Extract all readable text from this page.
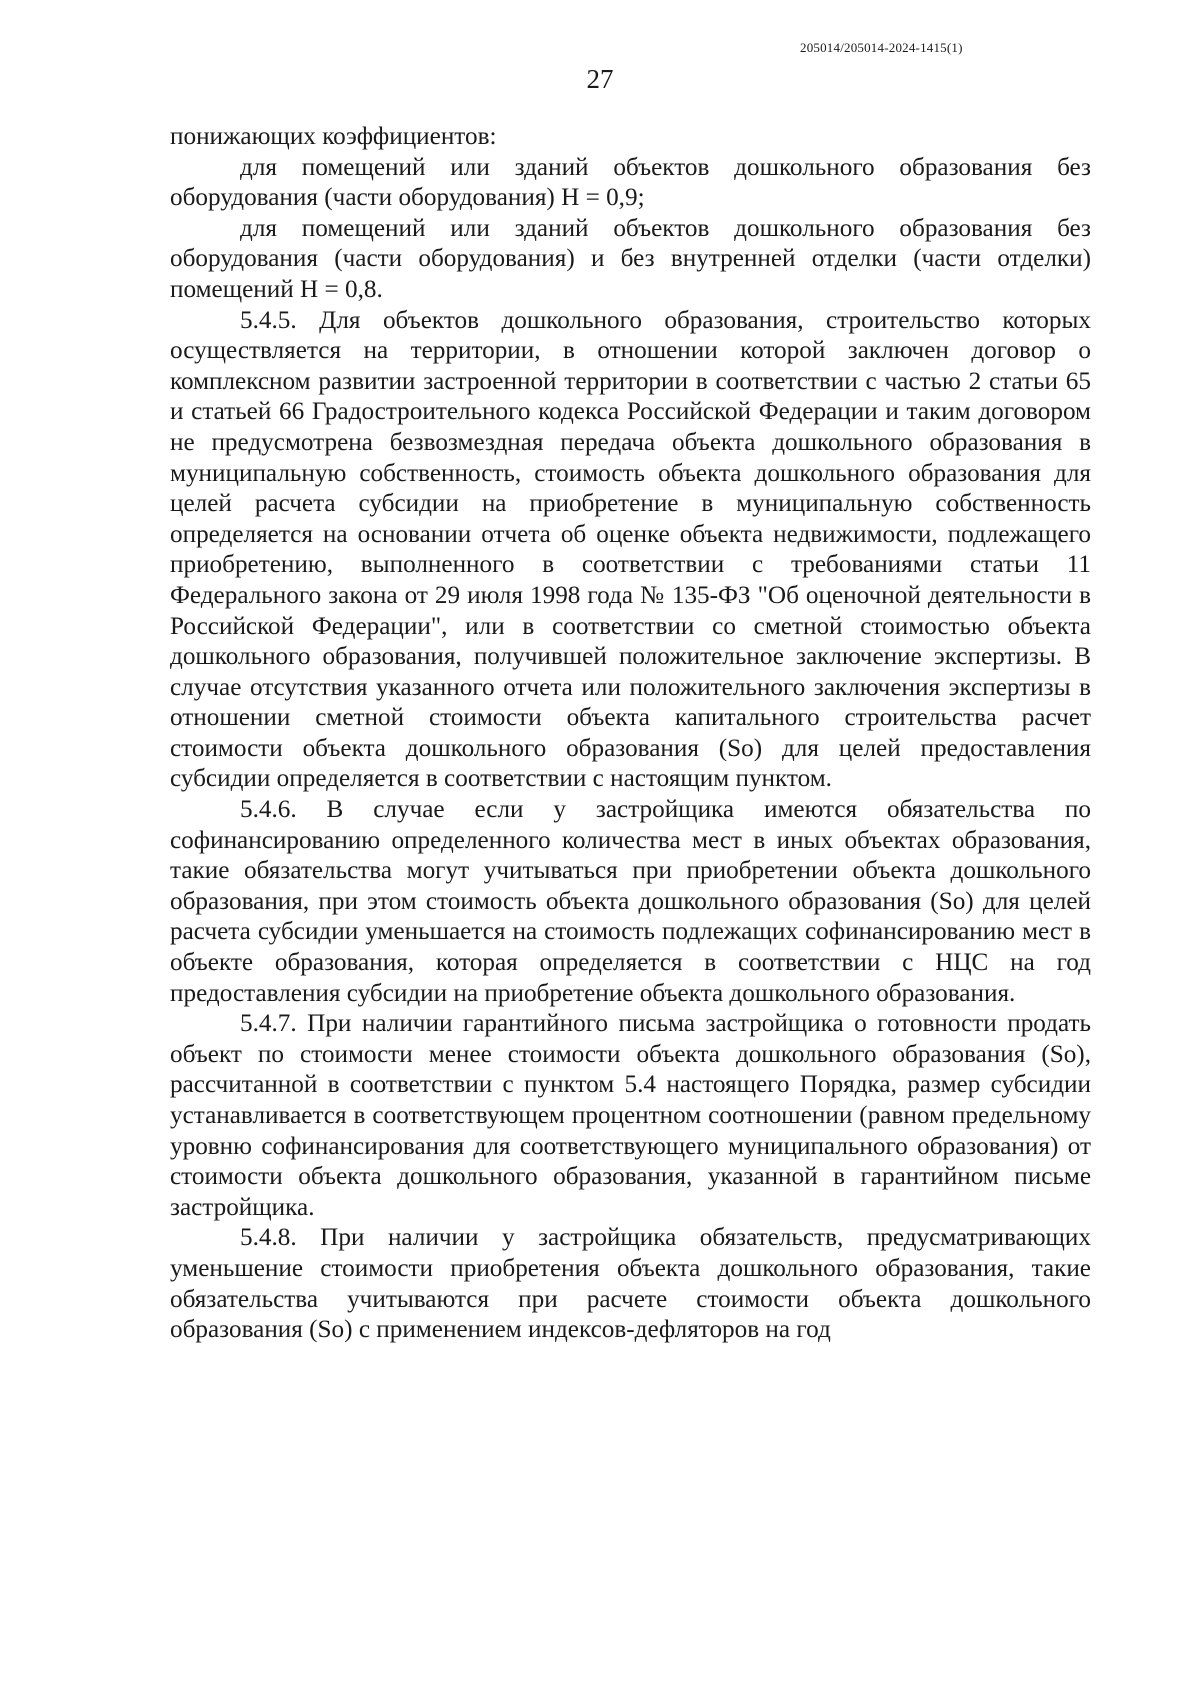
205014/205014-2024-1415(1)
27

понижающих коэффициентов:

для помещений или зданий объектов дошкольного образования без оборудования (части оборудования) Н = 0,9;

для помещений или зданий объектов дошкольного образования без оборудования (части оборудования) и без внутренней отделки (части отделки) помещений Н = 0,8.

5.4.5. Для объектов дошкольного образования, строительство которых осуществляется на территории, в отношении которой заключен договор о комплексном развитии застроенной территории в соответствии с частью 2 статьи 65 и статьей 66 Градостроительного кодекса Российской Федерации и таким договором не предусмотрена безвозмездная передача объекта дошкольного образования в муниципальную собственность, стоимость объекта дошкольного образования для целей расчета субсидии на приобретение в муниципальную собственность определяется на основании отчета об оценке объекта недвижимости, подлежащего приобретению, выполненного в соответствии с требованиями статьи 11 Федерального закона от 29 июля 1998 года № 135-ФЗ "Об оценочной деятельности в Российской Федерации", или в соответствии со сметной стоимостью объекта дошкольного образования, получившей положительное заключение экспертизы. В случае отсутствия указанного отчета или положительного заключения экспертизы в отношении сметной стоимости объекта капитального строительства расчет стоимости объекта дошкольного образования (So) для целей предоставления субсидии определяется в соответствии с настоящим пунктом.

5.4.6. В случае если у застройщика имеются обязательства по софинансированию определенного количества мест в иных объектах образования, такие обязательства могут учитываться при приобретении объекта дошкольного образования, при этом стоимость объекта дошкольного образования (So) для целей расчета субсидии уменьшается на стоимость подлежащих софинансированию мест в объекте образования, которая определяется в соответствии с НЦС на год предоставления субсидии на приобретение объекта дошкольного образования.

5.4.7. При наличии гарантийного письма застройщика о готовности продать объект по стоимости менее стоимости объекта дошкольного образования (So), рассчитанной в соответствии с пунктом 5.4 настоящего Порядка, размер субсидии устанавливается в соответствующем процентном соотношении (равном предельному уровню софинансирования для соответствующего муниципального образования) от стоимости объекта дошкольного образования, указанной в гарантийном письме застройщика.

5.4.8. При наличии у застройщика обязательств, предусматривающих уменьшение стоимости приобретения объекта дошкольного образования, такие обязательства учитываются при расчете стоимости объекта дошкольного образования (So) с применением индексов-дефляторов на год
